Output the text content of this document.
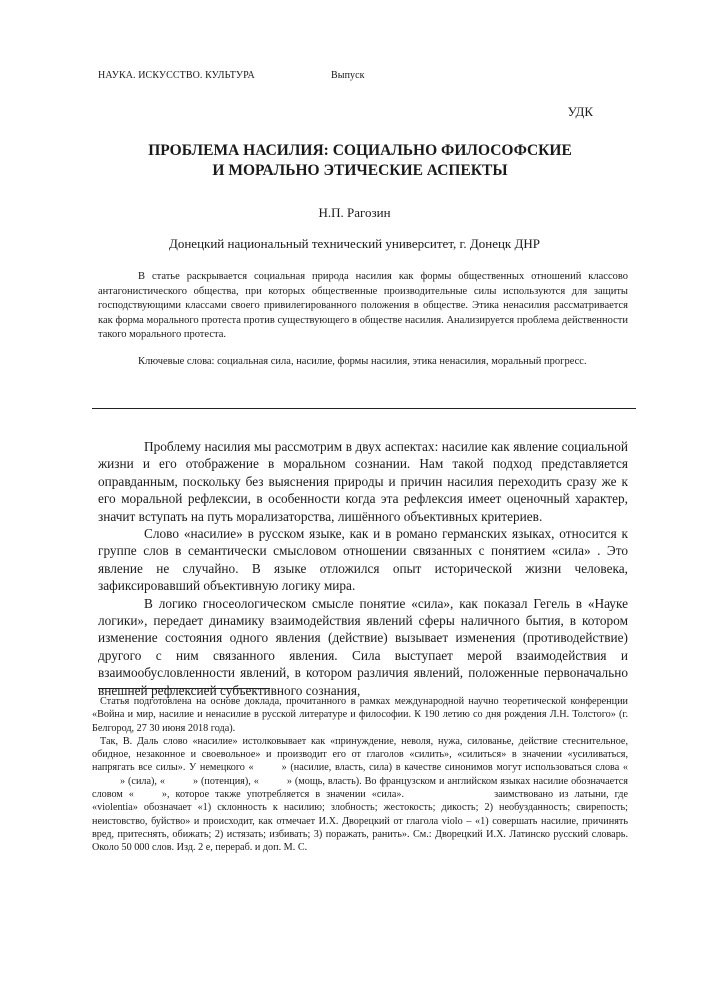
НАУКА. ИСКУССТВО. КУЛЬТУРА	Выпуск
УДК
ПРОБЛЕМА НАСИЛИЯ: СОЦИАЛЬНО ФИЛОСОФСКИЕ
И МОРАЛЬНО ЭТИЧЕСКИЕ АСПЕКТЫ
Н.П. Рагозин
Донецкий национальный технический университет, г. Донецк ДНР

В статье раскрывается социальная природа насилия как формы общественных отношений классово антагонистического общества, при которых общественные производительные силы используются для защиты господствующими классами своего привилегированного положения в обществе. Этика ненасилия рассматривается как форма морального протеста против существующего в обществе насилия. Анализируется проблема действенности такого морального протеста.

Ключевые слова: социальная сила, насилие, формы насилия, этика ненасилия, моральный прогресс.

Проблему насилия мы рассмотрим в двух аспектах: насилие как явление социальной жизни и его отображение в моральном сознании. Нам такой подход представляется оправданным, поскольку без выяснения природы и причин насилия переходить сразу же к его моральной рефлексии, в особенности когда эта рефлексия имеет оценочный характер, значит вступать на путь морализаторства, лишённого объективных критериев.

Слово «насилие» в русском языке, как и в романо германских языках, относится к группе слов в семантически смысловом отношении связанных с понятием «сила» . Это явление не случайно. В языке отложился опыт исторической жизни человека, зафиксировавший объективную логику мира.

В логико гносеологическом смысле понятие «сила», как показал Гегель в «Науке логики», передает динамику взаимодействия явлений сферы наличного бытия, в котором изменение состояния одного явления (действие) вызывает изменения (противодействие) другого с ним связанного явления. Сила выступает мерой взаимодействия и взаимообусловленности явлений, в котором различия явлений, положенные первоначально внешней рефлексией субъективного сознания,

Статья подготовлена на основе доклада, прочитанного в рамках международной научно теоретической конференции «Война и мир, насилие и ненасилие в русской литературе и философии. К 190 летию со дня рождения Л.Н. Толстого» (г. Белгород, 27 30 июня 2018 года).

Так, В. Даль слово «насилие» истолковывает как «принуждение, неволя, нужа, силованье, действие стеснительное, обидное, незаконное и своевольное» и производит его от глаголов «силить», «силиться» в значении «усиливаться, напрягать все силы». У немецкого «	» (насилие, власть, сила) в качестве синонимов могут использоваться слова «» (сила), «	» (потенция), «	» (мощь, власть). Во французском и английском языках насилие обозначается словом «	», которое также употребляется в значении «сила».	заимствовано из латыни, где «violentia» обозначает «1) склонность к насилию; злобность; жестокость; дикость; 2) необузданность; свирепость; неистовство, буйство» и происходит, как отмечает И.Х. Дворецкий от глагола violo – «1) совершать насилие, причинять вред, притеснять, обижать; 2) истязать; избивать; 3) поражать, ранить». См.: Дворецкий И.Х. Латинско русский словарь. Около 50 000 слов. Изд. 2 е, перераб. и доп. М. С.
